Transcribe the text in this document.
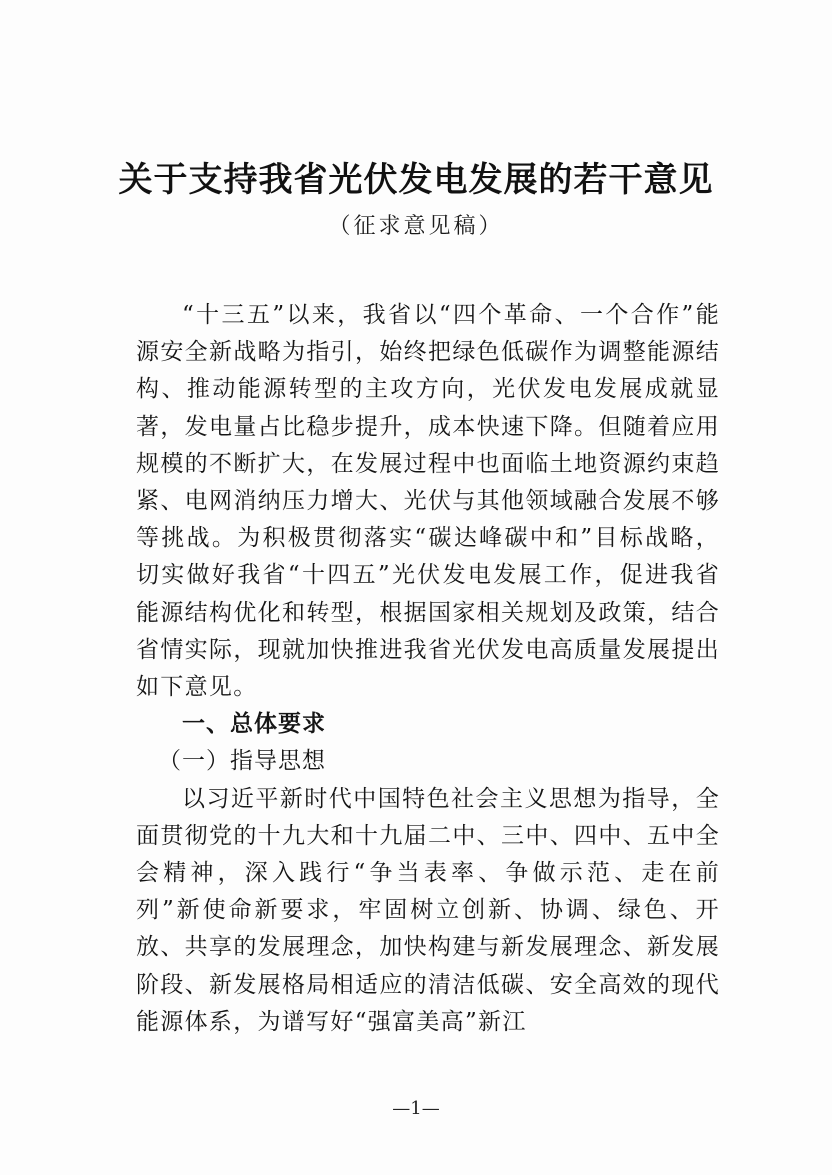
关于支持我省光伏发电发展的若干意见
（征求意见稿）

“十三五”以来，我省以“四个革命、一个合作”能源安全新战略为指引，始终把绿色低碳作为调整能源结构、推动能源转型的主攻方向，光伏发电发展成就显著，发电量占比稳步提升，成本快速下降。但随着应用规模的不断扩大，在发展过程中也面临土地资源约束趋紧、电网消纳压力增大、光伏与其他领域融合发展不够等挑战。为积极贯彻落实“碳达峰碳中和”目标战略，切实做好我省“十四五”光伏发电发展工作，促进我省能源结构优化和转型，根据国家相关规划及政策，结合省情实际，现就加快推进我省光伏发电高质量发展提出如下意见。

一、总体要求

（一）指导思想

以习近平新时代中国特色社会主义思想为指导，全面贯彻党的十九大和十九届二中、三中、四中、五中全会精神，深入践行“争当表率、争做示范、走在前列”新使命新要求，牢固树立创新、协调、绿色、开放、共享的发展理念，加快构建与新发展理念、新发展阶段、新发展格局相适应的清洁低碳、安全高效的现代能源体系，为谱写好“强富美高”新江

—1—
